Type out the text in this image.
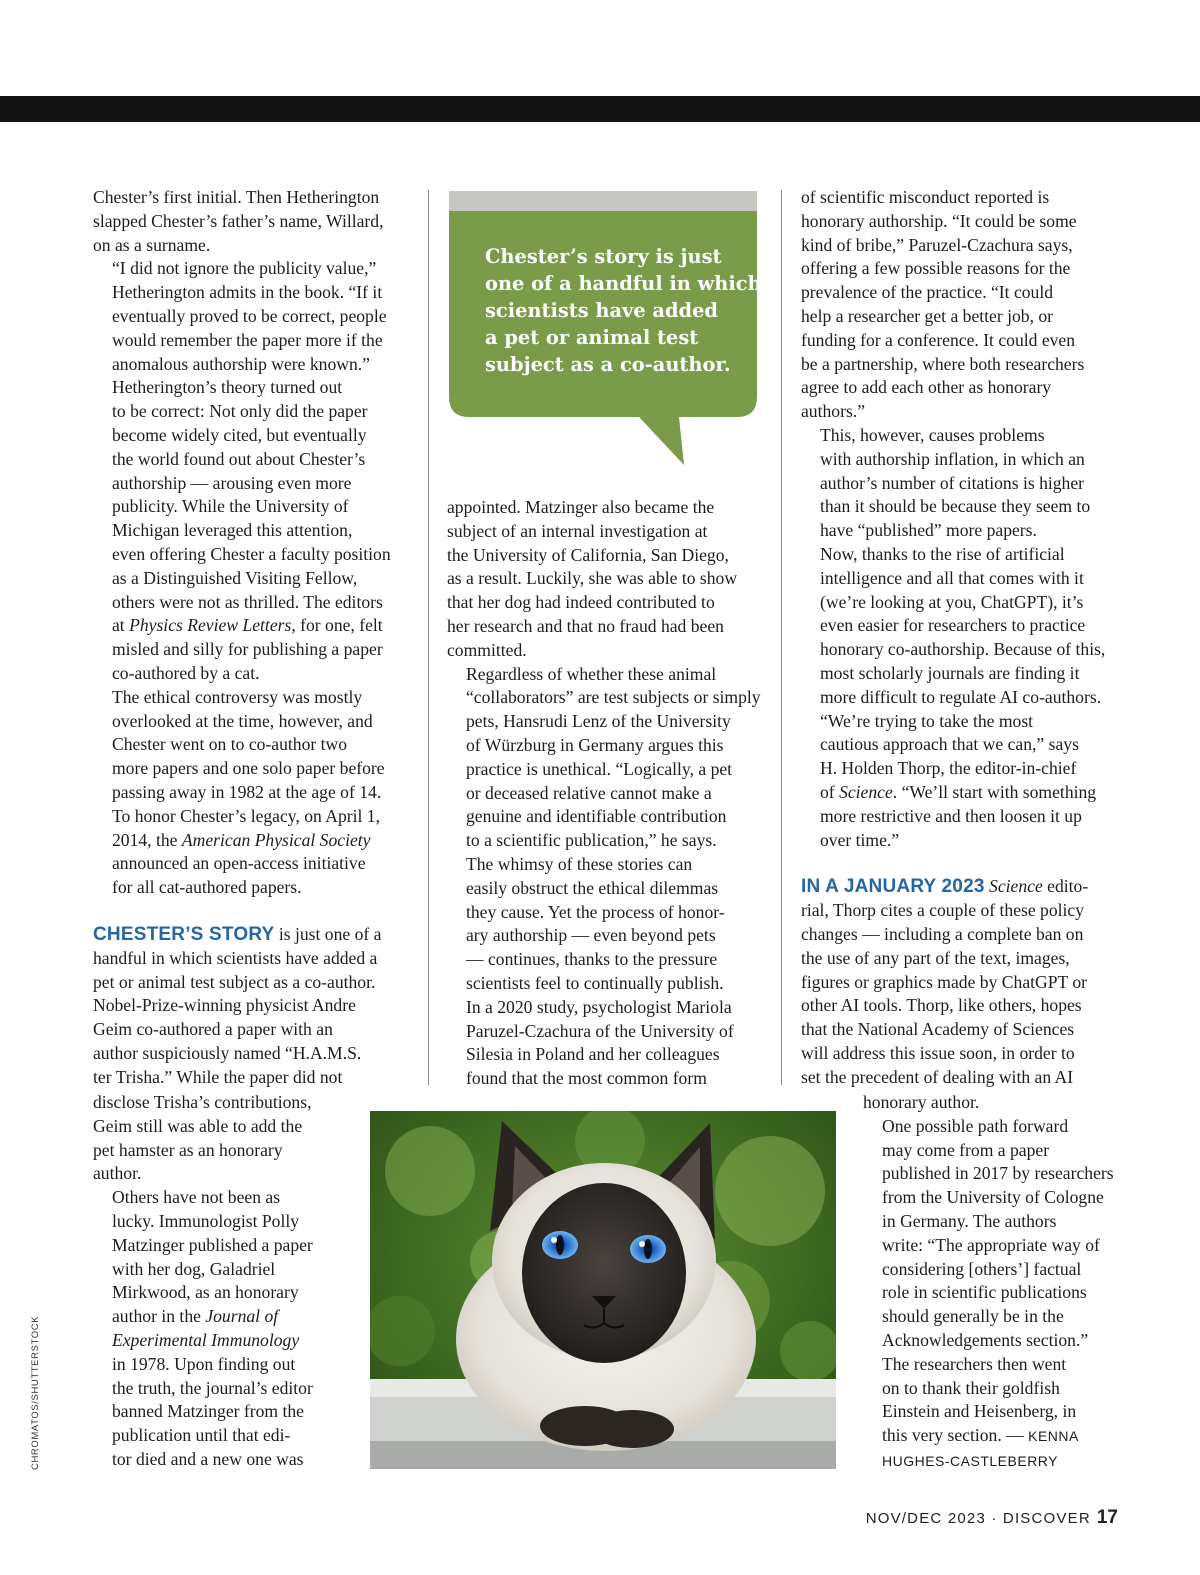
Chester’s first initial. Then Hetherington
slapped Chester’s father’s name, Willard,
on as a surname.

“I did not ignore the publicity value,”
Hetherington admits in the book. “If it
eventually proved to be correct, people
would remember the paper more if the
anomalous authorship were known.”

Hetherington’s theory turned out
to be correct: Not only did the paper
become widely cited, but eventually
the world found out about Chester’s
authorship — arousing even more
publicity. While the University of
Michigan leveraged this attention,
even offering Chester a faculty position
as a Distinguished Visiting Fellow,
others were not as thrilled. The editors
at Physics Review Letters, for one, felt
misled and silly for publishing a paper
co-authored by a cat.

The ethical controversy was mostly
overlooked at the time, however, and
Chester went on to co-author two
more papers and one solo paper before
passing away in 1982 at the age of 14.
To honor Chester’s legacy, on April 1,
2014, the American Physical Society
announced an open-access initiative
for all cat-authored papers.

CHESTER’S STORY is just one of a
handful in which scientists have added a
pet or animal test subject as a co-author.
Nobel-Prize-winning physicist Andre
Geim co-authored a paper with an
author suspiciously named “H.A.M.S.
ter Trisha.” While the paper did not

disclose Trisha’s contributions,
Geim still was able to add the
pet hamster as an honorary
author.

Others have not been as
lucky. Immunologist Polly
Matzinger published a paper
with her dog, Galadriel
Mirkwood, as an honorary
author in the Journal of
Experimental Immunology
in 1978. Upon finding out
the truth, the journal’s editor
banned Matzinger from the
publication until that edi-
tor died and a new one was

Chester’s story is just
one of a handful in which
scientists have added
a pet or animal test
subject as a co-author.

appointed. Matzinger also became the
subject of an internal investigation at
the University of California, San Diego,
as a result. Luckily, she was able to show
that her dog had indeed contributed to
her research and that no fraud had been
committed.

Regardless of whether these animal
“collaborators” are test subjects or simply
pets, Hansrudi Lenz of the University
of Würzburg in Germany argues this
practice is unethical. “Logically, a pet
or deceased relative cannot make a
genuine and identifiable contribution
to a scientific publication,” he says.

The whimsy of these stories can
easily obstruct the ethical dilemmas
they cause. Yet the process of honor-
ary authorship — even beyond pets
— continues, thanks to the pressure
scientists feel to continually publish.

In a 2020 study, psychologist Mariola
Paruzel-Czachura of the University of
Silesia in Poland and her colleagues
found that the most common form

of scientific misconduct reported is
honorary authorship. “It could be some
kind of bribe,” Paruzel-Czachura says,
offering a few possible reasons for the
prevalence of the practice. “It could
help a researcher get a better job, or
funding for a conference. It could even
be a partnership, where both researchers
agree to add each other as honorary
authors.”

This, however, causes problems
with authorship inflation, in which an
author’s number of citations is higher
than it should be because they seem to
have “published” more papers.

Now, thanks to the rise of artificial
intelligence and all that comes with it
(we’re looking at you, ChatGPT), it’s
even easier for researchers to practice
honorary co-authorship. Because of this,
most scholarly journals are finding it
more difficult to regulate AI co-authors.

“We’re trying to take the most
cautious approach that we can,” says
H. Holden Thorp, the editor-in-chief
of Science. “We’ll start with something
more restrictive and then loosen it up
over time.”

IN A JANUARY 2023 Science edito-
rial, Thorp cites a couple of these policy
changes — including a complete ban on
the use of any part of the text, images,
figures or graphics made by ChatGPT or
other AI tools. Thorp, like others, hopes
that the National Academy of Sciences
will address this issue soon, in order to
set the precedent of dealing with an AI

honorary author.

One possible path forward
may come from a paper
published in 2017 by researchers
from the University of Cologne
in Germany. The authors
write: “The appropriate way of
considering [others’] factual
role in scientific publications
should generally be in the
Acknowledgements section.”

The researchers then went
on to thank their goldfish
Einstein and Heisenberg, in
this very section. — KENNA
HUGHES-CASTLEBERRY

CHROMATOS/SHUTTERSTOCK
NOV/DEC 2023 · DISCOVER 17
